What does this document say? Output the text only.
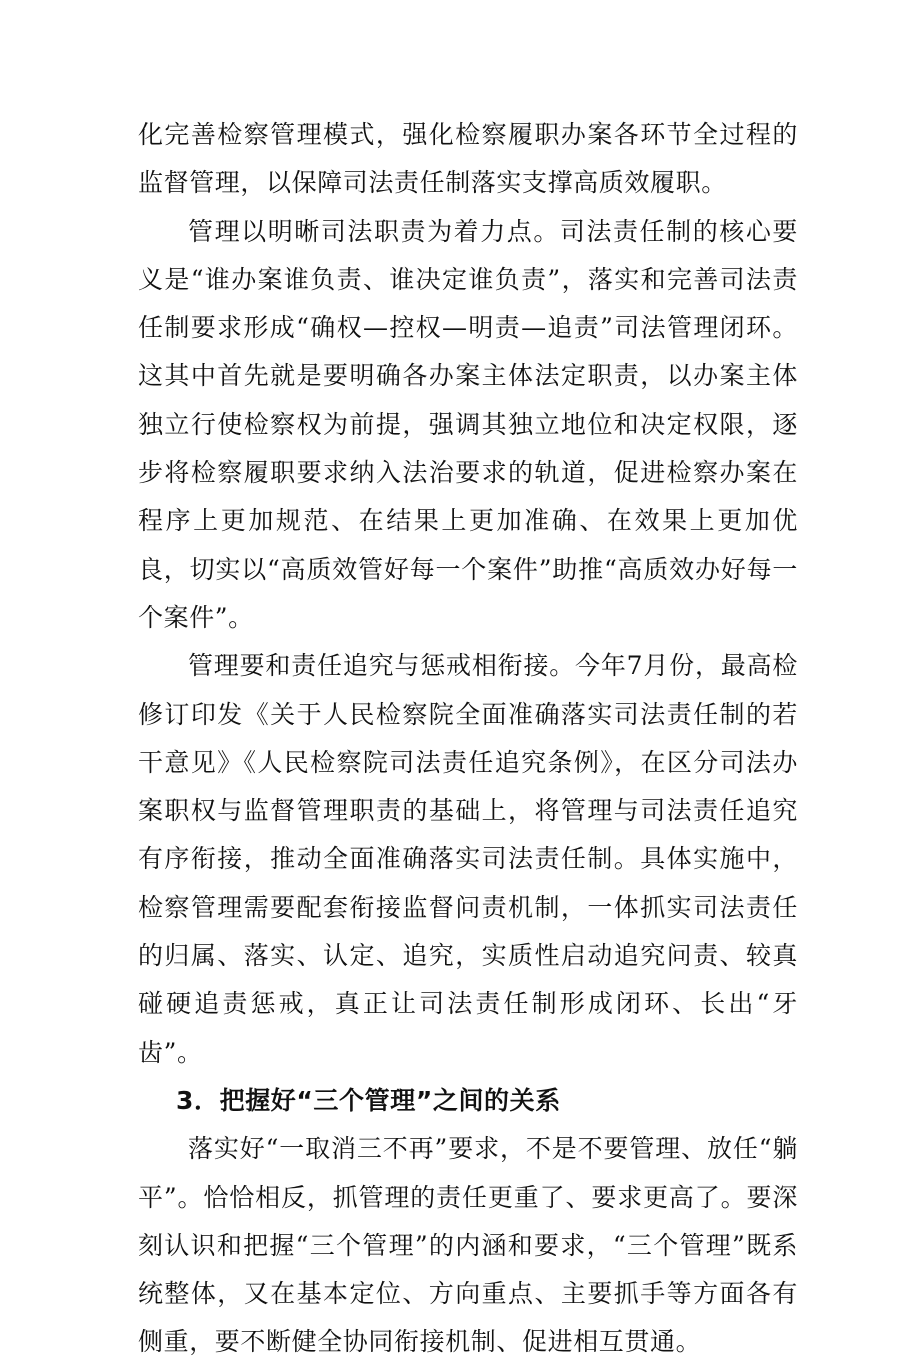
化完善检察管理模式，强化检察履职办案各环节全过程的监督管理，以保障司法责任制落实支撑高质效履职。

管理以明晰司法职责为着力点。司法责任制的核心要义是“谁办案谁负责、谁决定谁负责”，落实和完善司法责任制要求形成“确权—控权—明责—追责”司法管理闭环。这其中首先就是要明确各办案主体法定职责，以办案主体独立行使检察权为前提，强调其独立地位和决定权限，逐步将检察履职要求纳入法治要求的轨道，促进检察办案在程序上更加规范、在结果上更加准确、在效果上更加优良，切实以“高质效管好每一个案件”助推“高质效办好每一个案件”。

管理要和责任追究与惩戒相衔接。今年7月份，最高检修订印发《关于人民检察院全面准确落实司法责任制的若干意见》《人民检察院司法责任追究条例》，在区分司法办案职权与监督管理职责的基础上，将管理与司法责任追究有序衔接，推动全面准确落实司法责任制。具体实施中，检察管理需要配套衔接监督问责机制，一体抓实司法责任的归属、落实、认定、追究，实质性启动追究问责、较真碰硬追责惩戒，真正让司法责任制形成闭环、长出“牙齿”。

3．把握好“三个管理”之间的关系

落实好“一取消三不再”要求，不是不要管理、放任“躺平”。恰恰相反，抓管理的责任更重了、要求更高了。要深刻认识和把握“三个管理”的内涵和要求，“三个管理”既系统整体，又在基本定位、方向重点、主要抓手等方面各有侧重，要不断健全协同衔接机制、促进相互贯通。
